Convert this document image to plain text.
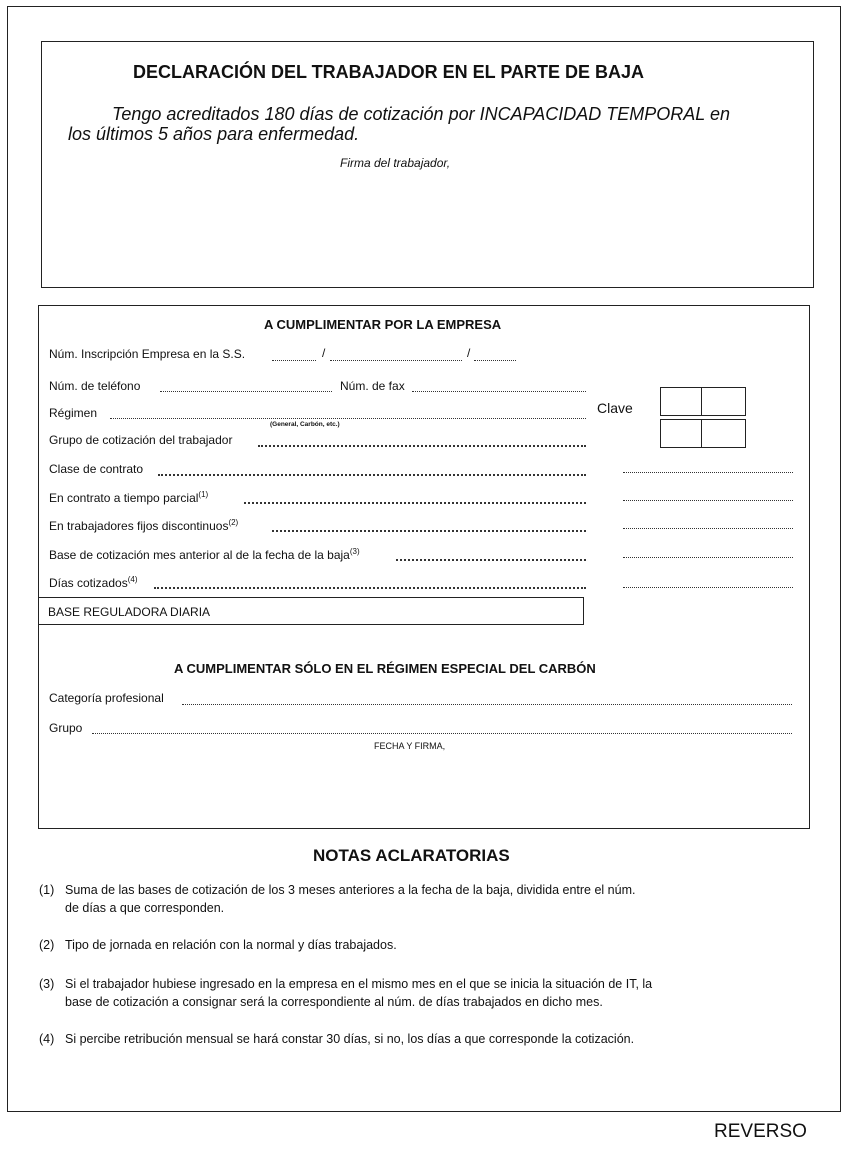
DECLARACIÓN DEL TRABAJADOR EN EL PARTE DE BAJA
Tengo acreditados 180 días de cotización por INCAPACIDAD TEMPORAL en
los últimos 5 años para enfermedad.
Firma del trabajador,
A CUMPLIMENTAR POR LA EMPRESA
Núm. Inscripción Empresa en la S.S.	/	/
Núm. de teléfono	Núm. de fax
Régimen
(General, Carbón, etc.)
Clave
Grupo de cotización del trabajador
Clase de contrato
En contrato a tiempo parcial$^{(1)}$
En trabajadores fijos discontinuos$^{(2)}$
Base de cotización mes anterior al de la fecha de la baja$^{(3)}$
Días cotizados$^{(4)}$
BASE REGULADORA DIARIA
A CUMPLIMENTAR SÓLO EN EL RÉGIMEN ESPECIAL DEL CARBÓN
Categoría profesional
Grupo
FECHA Y FIRMA,
NOTAS ACLARATORIAS
(1) Suma de las bases de cotización de los 3 meses anteriores a la fecha de la baja, dividida entre el núm.
de días a que corresponden.
(2) Tipo de jornada en relación con la normal y días trabajados.
(3) Si el trabajador hubiese ingresado en la empresa en el mismo mes en el que se inicia la situación de IT, la
base de cotización a consignar será la correspondiente al núm. de días trabajados en dicho mes.
(4) Si percibe retribución mensual se hará constar 30 días, si no, los días a que corresponde la cotización.
REVERSO
